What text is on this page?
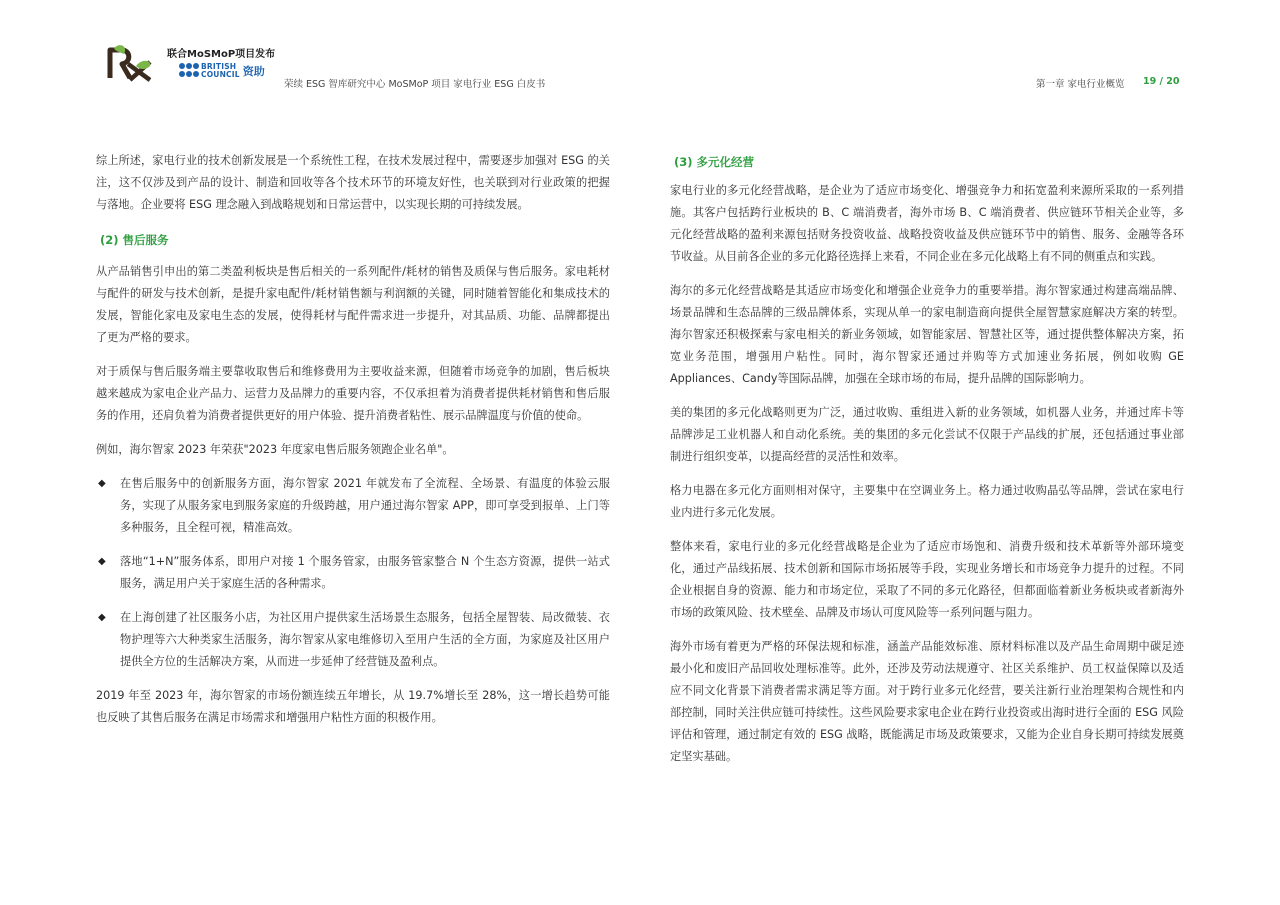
联合MoSMoP项目发布
BRITISH
COUNCIL 资助
荣续 ESG 智库研究中心 MoSMoP 项目 家电行业 ESG 白皮书	第一章 家电行业概览 19 / 20

综上所述，家电行业的技术创新发展是一个系统性工程，在技术发展过程中，需要逐步加强对 ESG 的关注，这不仅涉及到产品的设计、制造和回收等各个技术环节的环境友好性，也关联到对行业政策的把握与落地。企业要将 ESG 理念融入到战略规划和日常运营中，以实现长期的可持续发展。

(2) 售后服务

从产品销售引申出的第二类盈利板块是售后相关的一系列配件/耗材的销售及质保与售后服务。家电耗材与配件的研发与技术创新，是提升家电配件/耗材销售额与利润额的关键，同时随着智能化和集成技术的发展，智能化家电及家电生态的发展，使得耗材与配件需求进一步提升，对其品质、功能、品牌都提出了更为严格的要求。

对于质保与售后服务端主要靠收取售后和维修费用为主要收益来源，但随着市场竞争的加剧，售后板块越来越成为家电企业产品力、运营力及品牌力的重要内容，不仅承担着为消费者提供耗材销售和售后服务的作用，还肩负着为消费者提供更好的用户体验、提升消费者粘性、展示品牌温度与价值的使命。

例如，海尔智家 2023 年荣获"2023 年度家电售后服务领跑企业名单"。

◆ 在售后服务中的创新服务方面，海尔智家 2021 年就发布了全流程、全场景、有温度的体验云服务，实现了从服务家电到服务家庭的升级跨越，用户通过海尔智家 APP，即可享受到报单、上门等多种服务，且全程可视，精准高效。

◆ 落地“1+N”服务体系，即用户对接 1 个服务管家，由服务管家整合 N 个生态方资源，提供一站式服务，满足用户关于家庭生活的各种需求。

◆ 在上海创建了社区服务小店，为社区用户提供家生活场景生态服务，包括全屋智装、局改微装、衣物护理等六大种类家生活服务，海尔智家从家电维修切入至用户生活的全方面，为家庭及社区用户提供全方位的生活解决方案，从而进一步延伸了经营链及盈利点。

2019 年至 2023 年，海尔智家的市场份额连续五年增长，从 19.7%增长至 28%，这一增长趋势可能也反映了其售后服务在满足市场需求和增强用户粘性方面的积极作用。

(3) 多元化经营

家电行业的多元化经营战略，是企业为了适应市场变化、增强竞争力和拓宽盈利来源所采取的一系列措施。其客户包括跨行业板块的 B、C 端消费者，海外市场 B、C 端消费者、供应链环节相关企业等，多元化经营战略的盈利来源包括财务投资收益、战略投资收益及供应链环节中的销售、服务、金融等各环节收益。从目前各企业的多元化路径选择上来看，不同企业在多元化战略上有不同的侧重点和实践。

海尔的多元化经营战略是其适应市场变化和增强企业竞争力的重要举措。海尔智家通过构建高端品牌、场景品牌和生态品牌的三级品牌体系，实现从单一的家电制造商向提供全屋智慧家庭解决方案的转型。海尔智家还积极探索与家电相关的新业务领域，如智能家居、智慧社区等，通过提供整体解决方案，拓宽业务范围，增强用户粘性。同时，海尔智家还通过并购等方式加速业务拓展，例如收购 GE Appliances、Candy等国际品牌，加强在全球市场的布局，提升品牌的国际影响力。

美的集团的多元化战略则更为广泛，通过收购、重组进入新的业务领域，如机器人业务，并通过库卡等品牌涉足工业机器人和自动化系统。美的集团的多元化尝试不仅限于产品线的扩展，还包括通过事业部制进行组织变革，以提高经营的灵活性和效率。

格力电器在多元化方面则相对保守，主要集中在空调业务上。格力通过收购晶弘等品牌，尝试在家电行业内进行多元化发展。

整体来看，家电行业的多元化经营战略是企业为了适应市场饱和、消费升级和技术革新等外部环境变化，通过产品线拓展、技术创新和国际市场拓展等手段，实现业务增长和市场竞争力提升的过程。不同企业根据自身的资源、能力和市场定位，采取了不同的多元化路径，但都面临着新业务板块或者新海外市场的政策风险、技术壁垒、品牌及市场认可度风险等一系列问题与阻力。

海外市场有着更为严格的环保法规和标准，涵盖产品能效标准、原材料标准以及产品生命周期中碳足迹最小化和废旧产品回收处理标准等。此外，还涉及劳动法规遵守、社区关系维护、员工权益保障以及适应不同文化背景下消费者需求满足等方面。对于跨行业多元化经营，要关注新行业治理架构合规性和内部控制，同时关注供应链可持续性。这些风险要求家电企业在跨行业投资或出海时进行全面的 ESG 风险评估和管理，通过制定有效的 ESG 战略，既能满足市场及政策要求，又能为企业自身长期可持续发展奠定坚实基础。
